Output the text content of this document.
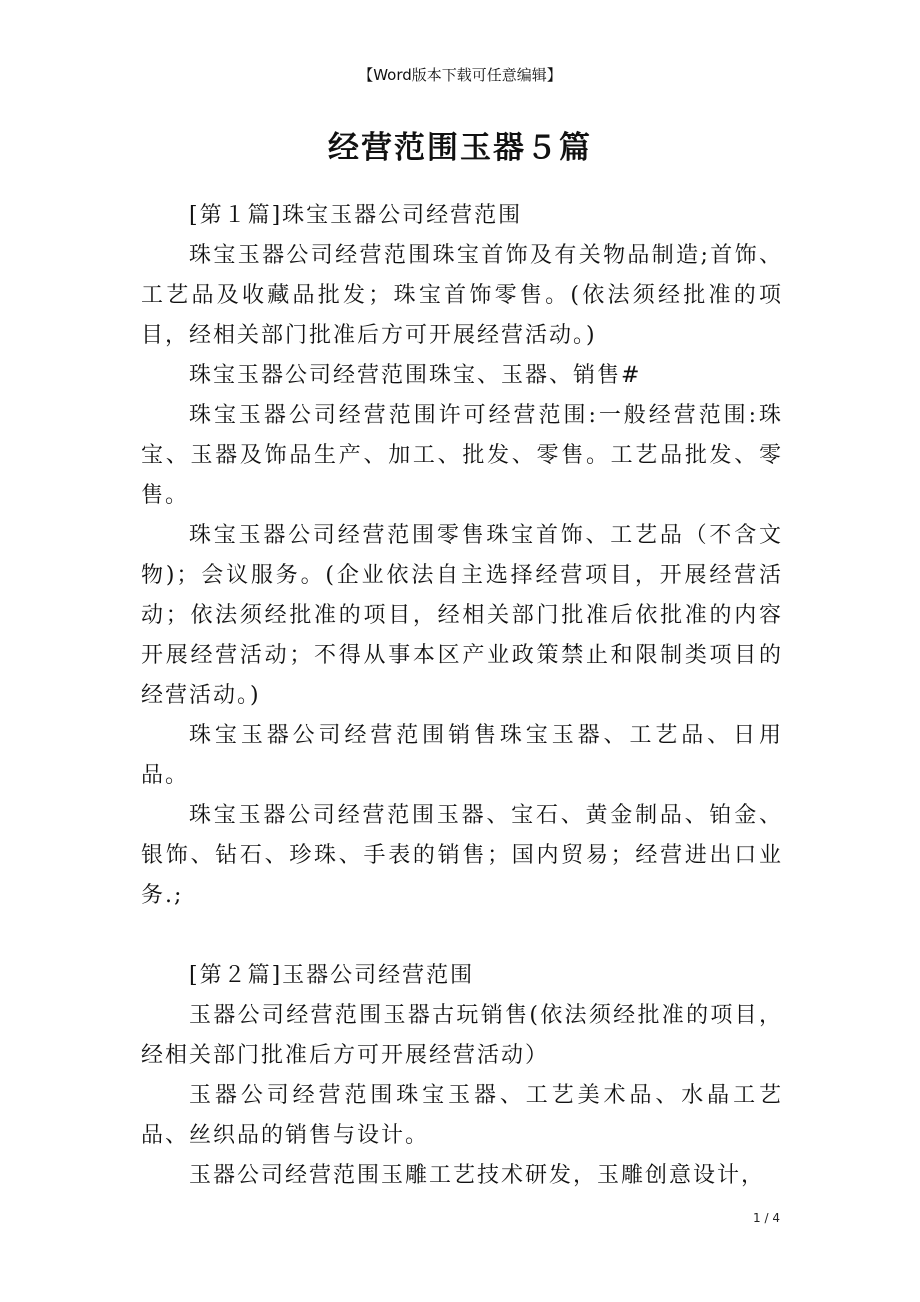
【Word版本下载可任意编辑】
经营范围玉器５篇

[第１篇]珠宝玉器公司经营范围

珠宝玉器公司经营范围珠宝首饰及有关物品制造;首饰、工艺品及收藏品批发；珠宝首饰零售。(依法须经批准的项目，经相关部门批准后方可开展经营活动。)

珠宝玉器公司经营范围珠宝、玉器、销售#

珠宝玉器公司经营范围许可经营范围:一般经营范围:珠宝、玉器及饰品生产、加工、批发、零售。工艺品批发、零售。

珠宝玉器公司经营范围零售珠宝首饰、工艺品（不含文物)；会议服务。(企业依法自主选择经营项目，开展经营活动；依法须经批准的项目，经相关部门批准后依批准的内容开展经营活动；不得从事本区产业政策禁止和限制类项目的经营活动。)

珠宝玉器公司经营范围销售珠宝玉器、工艺品、日用品。

珠宝玉器公司经营范围玉器、宝石、黄金制品、铂金、银饰、钻石、珍珠、手表的销售；国内贸易；经营进出口业务.;

[第２篇]玉器公司经营范围

玉器公司经营范围玉器古玩销售(依法须经批准的项目，经相关部门批准后方可开展经营活动）

玉器公司经营范围珠宝玉器、工艺美术品、水晶工艺品、丝织品的销售与设计。

玉器公司经营范围玉雕工艺技术研发，玉雕创意设计，

1 / 4
